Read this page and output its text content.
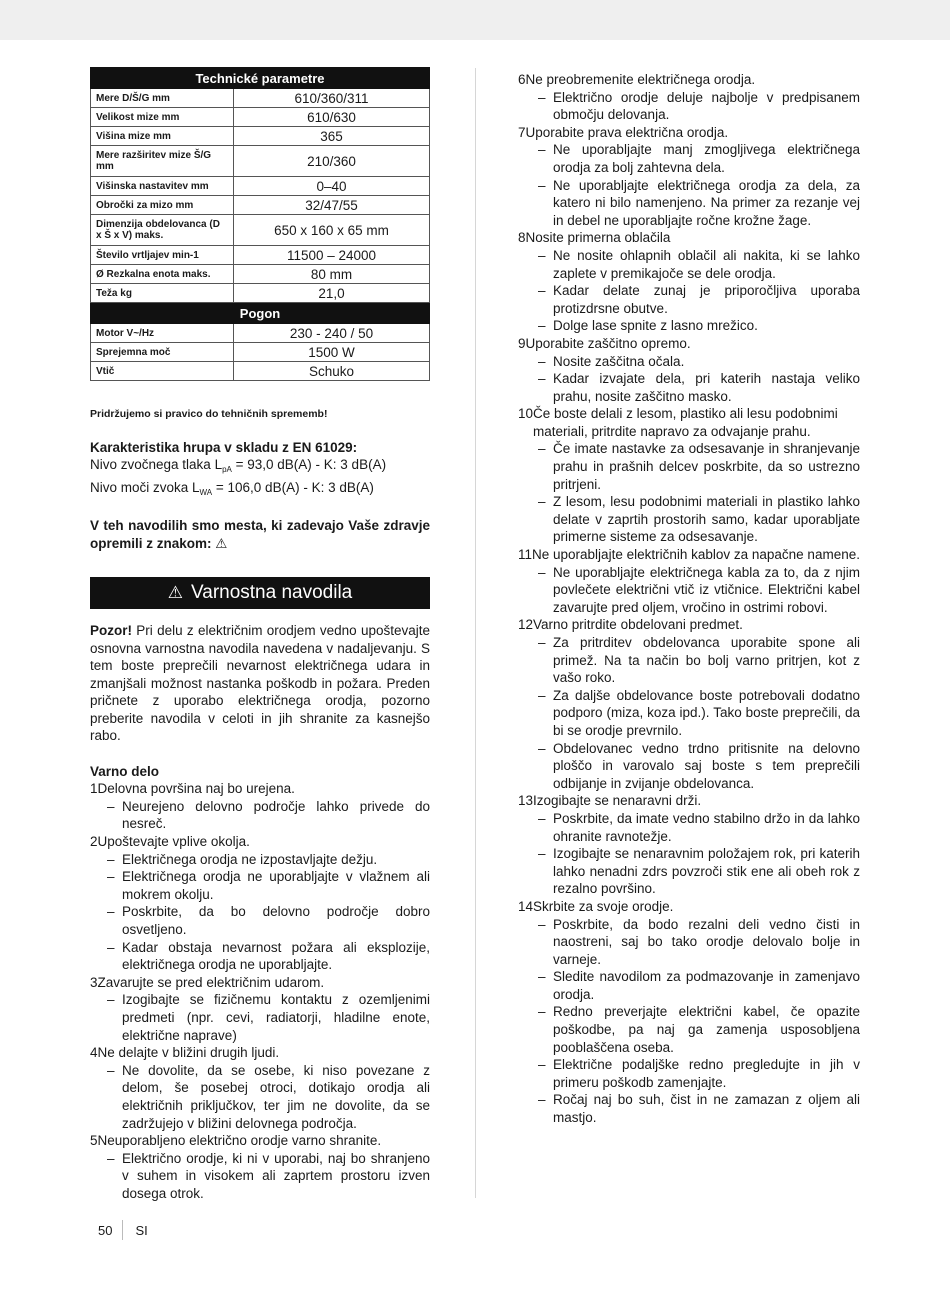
Technické parametre	
Mere D/Š/G mm	610/360/311
Velikost mize mm	610/630
Višina mize mm	365
Mere razširitev mize Š/G mm	210/360
Višinska nastavitev mm	0–40
Obročki za mizo mm	32/47/55
Dimenzija obdelovanca (D x Š x V) maks.	650 x 160 x 65 mm
Število vrtljajev min-1	11500 – 24000
Ø Rezkalna enota maks.	80 mm
Teža kg	21,0
Pogon	
Motor V~/Hz	230 - 240 / 50
Sprejemna moč	1500 W
Vtič	Schuko
Pridržujemo si pravico do tehničnih sprememb!

Karakteristika hrupa v skladu z EN 61029:

Nivo zvočnega tlaka $L_{pA} = 93,0$ dB(A) - K: 3 dB(A)

Nivo moči zvoka $L_{WA} = 106,0$ dB(A) - K: 3 dB(A)

V teh navodilih smo mesta, ki zadevajo Vaše zdravje opremili z znakom: ⚠
⚠ Varnostna navodila
Pozor! Pri delu z električnim orodjem vedno upoštevajte osnovna varnostna navodila navedena v nadaljevanju. S tem boste preprečili nevarnost električnega udara in zmanjšali možnost nastanka poškodb in požara. Preden pričnete z uporabo električnega orodja, pozorno preberite navodila v celoti in jih shranite za kasnejšo rabo.
Varno delo
1 Delovna površina naj bo urejena.
– Neurejeno delovno področje lahko privede do nesreč.
2 Upoštevajte vplive okolja.
– Električnega orodja ne izpostavljajte dežju.
– Električnega orodja ne uporabljajte v vlažnem ali mokrem okolju.
– Poskrbite, da bo delovno področje dobro osvetljeno.
– Kadar obstaja nevarnost požara ali eksplozije, električnega orodja ne uporabljajte.
3 Zavarujte se pred električnim udarom.
– Izogibajte se fizičnemu kontaktu z ozemljenimi predmeti (npr. cevi, radiatorji, hladilne enote, električne naprave)
4 Ne delajte v bližini drugih ljudi.
– Ne dovolite, da se osebe, ki niso povezane z delom, še posebej otroci, dotikajo orodja ali električnih priključkov, ter jim ne dovolite, da se zadržujejo v bližini delovnega področja.
5 Neuporabljeno električno orodje varno shranite.
– Električno orodje, ki ni v uporabi, naj bo shranjeno v suhem in visokem ali zaprtem prostoru izven dosega otrok.
6 Ne preobremenite električnega orodja.
– Električno orodje deluje najbolje v predpisanem območju delovanja.
7 Uporabite prava električna orodja.
– Ne uporabljajte manj zmogljivega električnega orodja za bolj zahtevna dela.
– Ne uporabljajte električnega orodja za dela, za katero ni bilo namenjeno. Na primer za rezanje vej in debel ne uporabljajte ročne krožne žage.
8 Nosite primerna oblačila
– Ne nosite ohlapnih oblačil ali nakita, ki se lahko zaplete v premikajoče se dele orodja.
– Kadar delate zunaj je priporočljiva uporaba protizdrsne obutve.
– Dolge lase spnite z lasno mrežico.
9 Uporabite zaščitno opremo.
– Nosite zaščitna očala.
– Kadar izvajate dela, pri katerih nastaja veliko prahu, nosite zaščitno masko.
10 Če boste delali z lesom, plastiko ali lesu podobnimi materiali, pritrdite napravo za odvajanje prahu.
– Če imate nastavke za odsesavanje in shranjevanje prahu in prašnih delcev poskrbite, da so ustrezno pritrjeni.
– Z lesom, lesu podobnimi materiali in plastiko lahko delate v zaprtih prostorih samo, kadar uporabljate primerne sisteme za odsesavanje.
11 Ne uporabljajte električnih kablov za napačne namene.
– Ne uporabljajte električnega kabla za to, da z njim povlečete električni vtič iz vtičnice. Električni kabel zavarujte pred oljem, vročino in ostrimi robovi.
12 Varno pritrdite obdelovani predmet.
– Za pritrditev obdelovanca uporabite spone ali primež. Na ta način bo bolj varno pritrjen, kot z vašo roko.
– Za dalјše obdelovance boste potrebovali dodatno podporo (miza, koza ipd.). Tako boste preprečili, da bi se orodje prevrnilo.
– Obdelovanec vedno trdno pritisnite na delovno ploščo in varovalo saj boste s tem preprečili odbijanje in zvijanje obdelovanca.
13 Izogibajte se nenaravni drži.
– Poskrbite, da imate vedno stabilno držo in da lahko ohranite ravnotežje.
– Izogibajte se nenaravnim položajem rok, pri katerih lahko nenadni zdrs povzroči stik ene ali obeh rok z rezalno površino.
14 Skrbite za svoje orodje.
– Poskrbite, da bodo rezalni deli vedno čisti in naostreni, saj bo tako orodje delovalo bolje in varneje.
– Sledite navodilom za podmazovanje in zamenjavo orodja.
– Redno preverjajte električni kabel, če opazite poškodbe, pa naj ga zamenja usposobljena pooblaščena oseba.
– Električne podaljške redno pregledujte in jih v primeru poškodb zamenjajte.
– Ročaj naj bo suh, čist in ne zamazan z oljem ali mastjo.
50 SI
